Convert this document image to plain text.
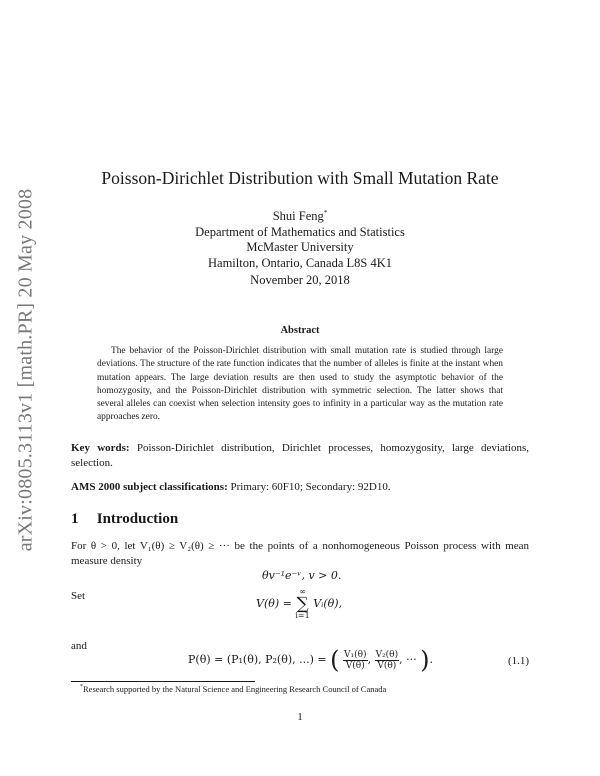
arXiv:0805.3113v1 [math.PR] 20 May 2008
Poisson-Dirichlet Distribution with Small Mutation Rate
Shui Feng*
Department of Mathematics and Statistics
McMaster University
Hamilton, Ontario, Canada L8S 4K1
November 20, 2018
Abstract
The behavior of the Poisson-Dirichlet distribution with small mutation rate is studied through large deviations. The structure of the rate function indicates that the number of alleles is finite at the instant when mutation appears. The large deviation results are then used to study the asymptotic behavior of the homozygosity, and the Poisson-Dirichlet distribution with symmetric selection. The latter shows that several alleles can coexist when selection intensity goes to infinity in a particular way as the mutation rate approaches zero.
Key words: Poisson-Dirichlet distribution, Dirichlet processes, homozygosity, large deviations, selection.
AMS 2000 subject classifications: Primary: 60F10; Secondary: 92D10.
1 Introduction
For θ > 0, let V₁(θ) ≥ V₂(θ) ≥ ··· be the points of a nonhomogeneous Poisson process with mean measure density
θv⁻¹e⁻ᵛ, v > 0.
Set
V(θ) = ∞
∑
i=1 Vᵢ(θ),
and
P(θ) = (P₁(θ), P₂(θ), ...) = ( $\frac{\text{V₁(θ)}}{V(\theta)}$ , $\frac{\text{V₂(θ)}}{V(\theta)}$ , ··· ).	(1.1)
*Research supported by the Natural Science and Engineering Research Council of Canada
1
